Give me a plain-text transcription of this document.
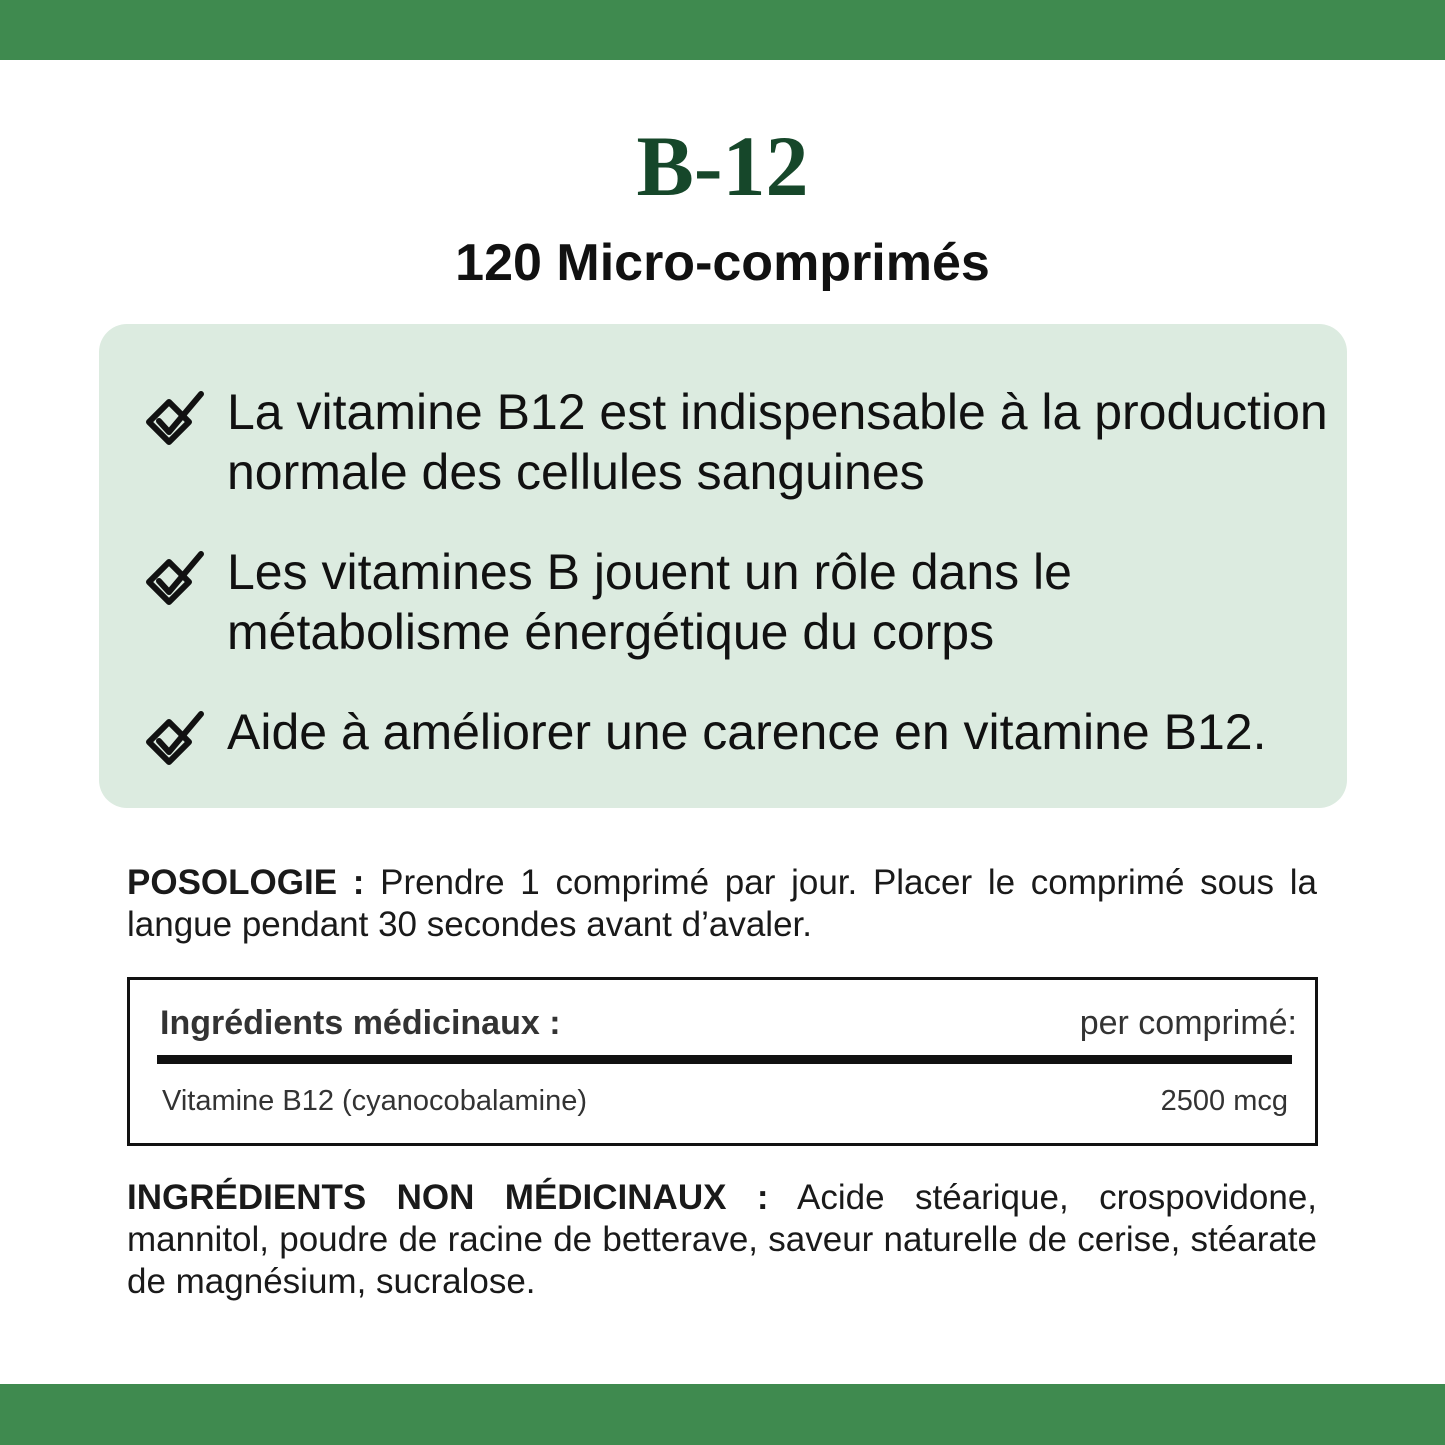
B-12
120 Micro-comprimés
La vitamine B12 est indispensable à la production normale des cellules sanguines
Les vitamines B jouent un rôle dans le métabolisme énergétique du corps
Aide à améliorer une carence en vitamine B12.
POSOLOGIE : Prendre 1 comprimé par jour. Placer le comprimé sous la langue pendant 30 secondes avant d’avaler.
Ingrédients médicinaux :	per comprimé:
Vitamine B12 (cyanocobalamine)	2500 mcg
INGRÉDIENTS NON MÉDICINAUX : Acide stéarique, crospovidone, mannitol, poudre de racine de betterave, saveur naturelle de cerise, stéarate de magnésium, sucralose.
